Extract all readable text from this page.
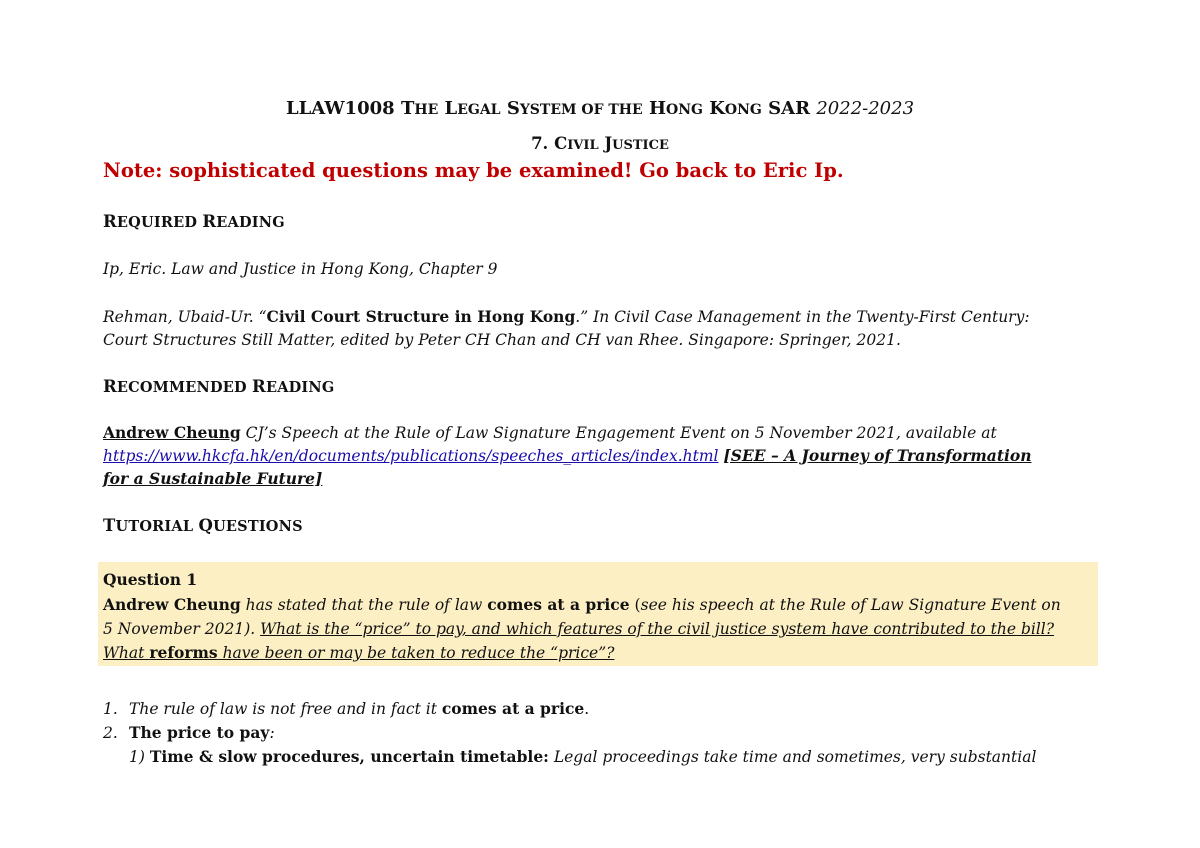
LLAW1008 THE LEGAL SYSTEM OF THE HONG KONG SAR 2022-2023
7. CIVIL JUSTICE
Note: sophisticated questions may be examined! Go back to Eric Ip.
REQUIRED READING
Ip, Eric. Law and Justice in Hong Kong, Chapter 9
Rehman, Ubaid-Ur. “Civil Court Structure in Hong Kong.” In Civil Case Management in the Twenty-First Century:
Court Structures Still Matter, edited by Peter CH Chan and CH van Rhee. Singapore: Springer, 2021.
RECOMMENDED READING
Andrew Cheung CJ’s Speech at the Rule of Law Signature Engagement Event on 5 November 2021, available at
https://www.hkcfa.hk/en/documents/publications/speeches_articles/index.html [SEE – A Journey of Transformation
for a Sustainable Future]
TUTORIAL QUESTIONS
Question 1
Andrew Cheung has stated that the rule of law comes at a price (see his speech at the Rule of Law Signature Event on
5 November 2021). What is the “price” to pay, and which features of the civil justice system have contributed to the bill?
What reforms have been or may be taken to reduce the “price”?
1. The rule of law is not free and in fact it comes at a price.
2. The price to pay:
1) Time & slow procedures, uncertain timetable: Legal proceedings take time and sometimes, very substantial
